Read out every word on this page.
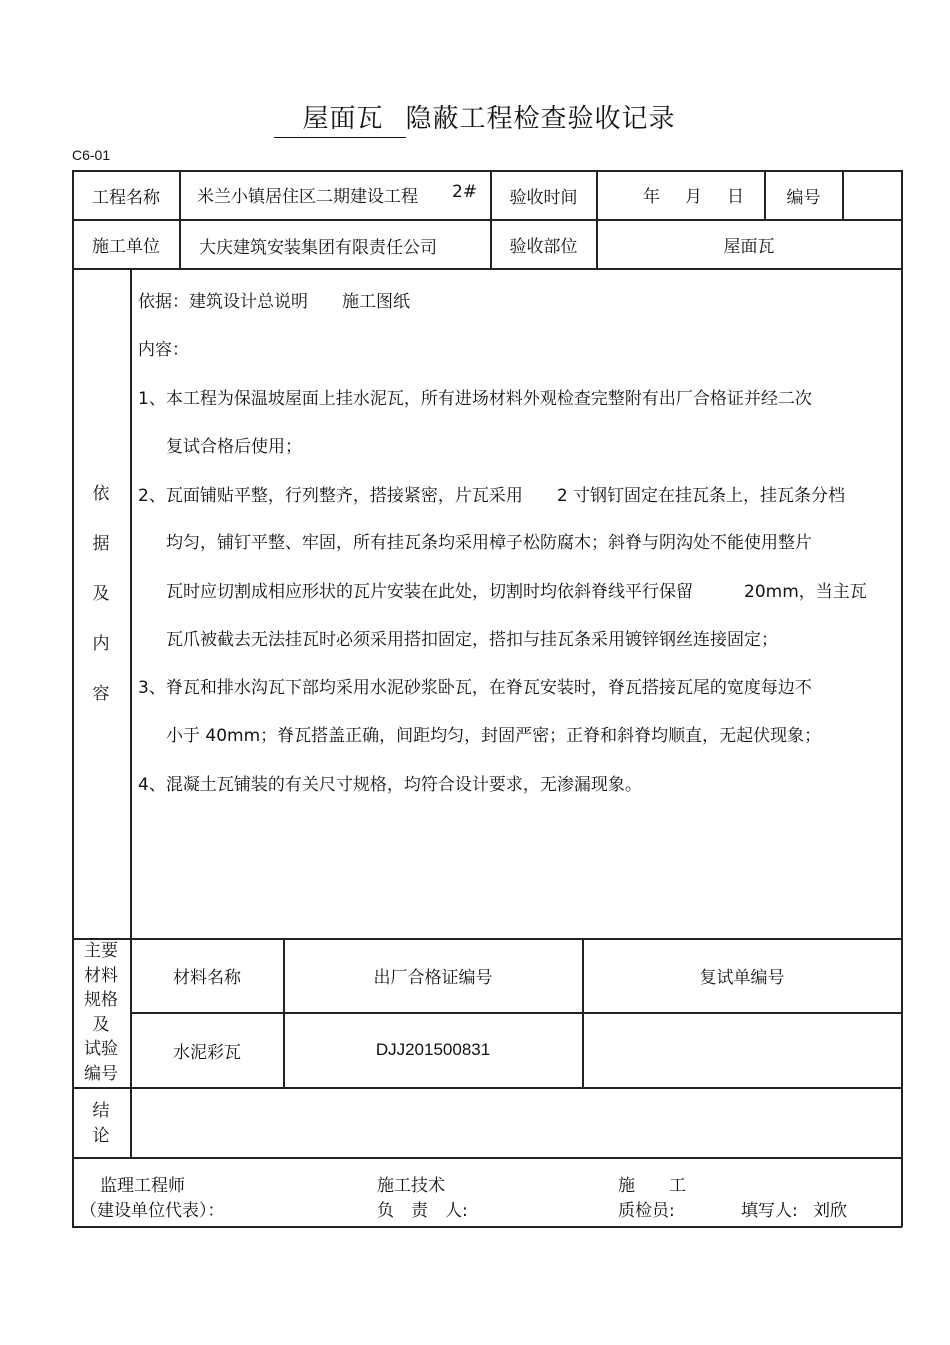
屋面瓦 隐蔽工程检查验收记录
C6-01
工程名称	米兰小镇居住区二期建设工程 2#	验收时间	年　月　日	编号
施工单位	大庆建筑安装集团有限责任公司	验收部位	屋面瓦
依
据
及
内
容
依据：建筑设计总说明　　施工图纸
内容：
1、本工程为保温坡屋面上挂水泥瓦，所有进场材料外观检查完整附有出厂合格证并经二次
复试合格后使用；
2、瓦面铺贴平整，行列整齐，搭接紧密，片瓦采用　　2 寸钢钉固定在挂瓦条上，挂瓦条分档
均匀，铺钉平整、牢固，所有挂瓦条均采用樟子松防腐木；斜脊与阴沟处不能使用整片
瓦时应切割成相应形状的瓦片安装在此处，切割时均依斜脊线平行保留　　　20mm，当主瓦
瓦爪被截去无法挂瓦时必须采用搭扣固定，搭扣与挂瓦条采用镀锌钢丝连接固定；
3、脊瓦和排水沟瓦下部均采用水泥砂浆卧瓦，在脊瓦安装时，脊瓦搭接瓦尾的宽度每边不
小于 40mm；脊瓦搭盖正确，间距均匀，封固严密；正脊和斜脊均顺直，无起伏现象；
4、混凝土瓦铺装的有关尺寸规格，均符合设计要求，无渗漏现象。
主要
材料
规格
及
试验
编号
材料名称	出厂合格证编号	复试单编号
水泥彩瓦	DJJ201500831
结
论
监理工程师
（建设单位代表）：
施工技术
负　责　人:
施　　工
质检员:	填写人: 刘欣
